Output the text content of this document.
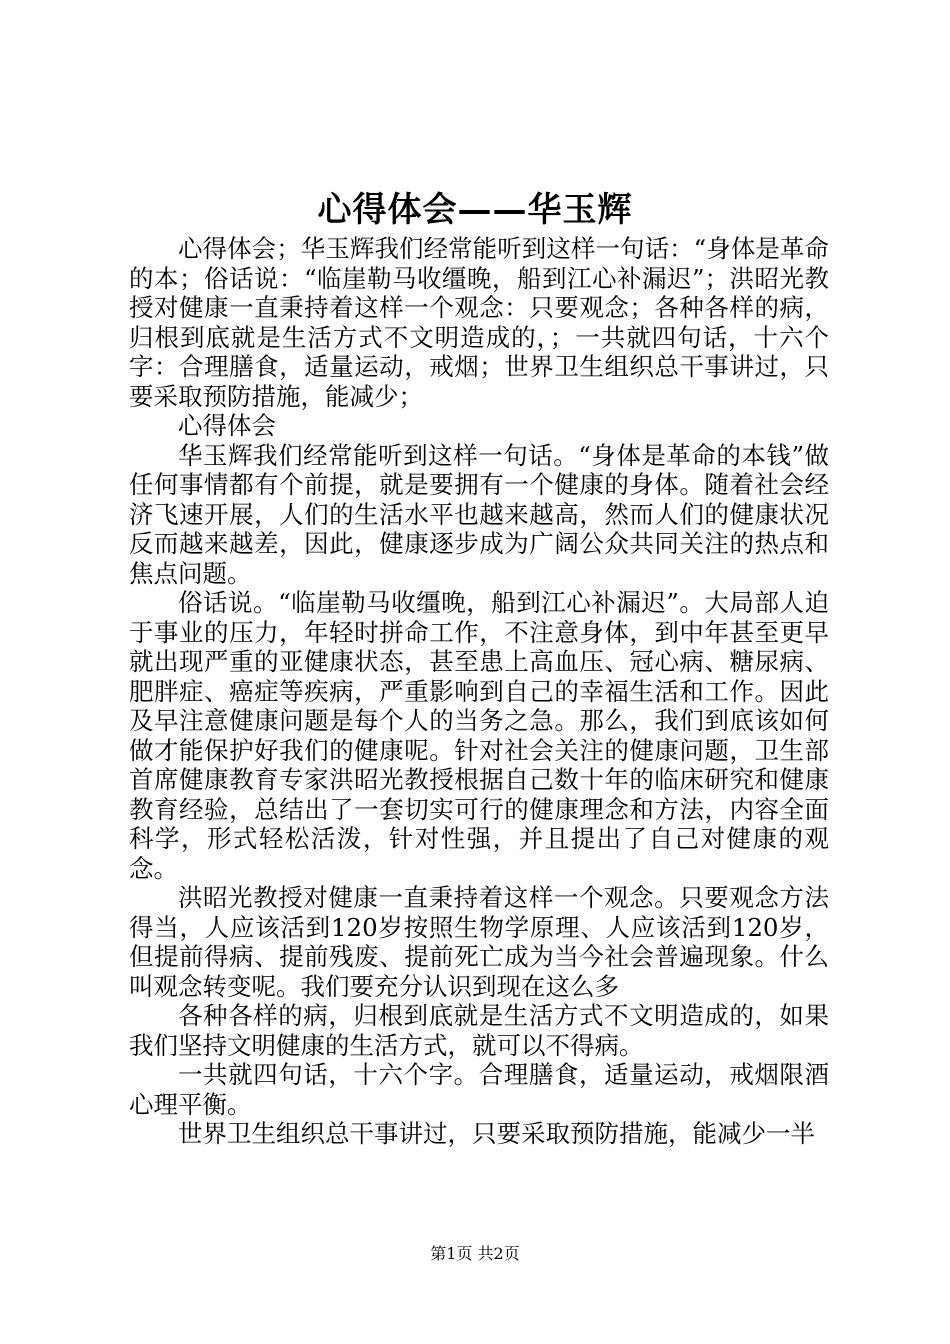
心得体会——华玉辉

心得体会；华玉辉我们经常能听到这样一句话：“身体是革命的本；俗话说：“临崖勒马收缰晚，船到江心补漏迟”；洪昭光教授对健康一直秉持着这样一个观念：只要观念；各种各样的病，归根到底就是生活方式不文明造成的，；一共就四句话，十六个字：合理膳食，适量运动，戒烟；世界卫生组织总干事讲过，只要采取预防措施，能减少；

心得体会

华玉辉我们经常能听到这样一句话。“身体是革命的本钱”做任何事情都有个前提，就是要拥有一个健康的身体。随着社会经济飞速开展，人们的生活水平也越来越高，然而人们的健康状况反而越来越差，因此，健康逐步成为广阔公众共同关注的热点和焦点问题。

俗话说。“临崖勒马收缰晚，船到江心补漏迟”。大局部人迫于事业的压力，年轻时拼命工作，不注意身体，到中年甚至更早就出现严重的亚健康状态，甚至患上高血压、冠心病、糖尿病、肥胖症、癌症等疾病，严重影响到自己的幸福生活和工作。因此及早注意健康问题是每个人的当务之急。那么，我们到底该如何做才能保护好我们的健康呢。针对社会关注的健康问题，卫生部首席健康教育专家洪昭光教授根据自己数十年的临床研究和健康教育经验，总结出了一套切实可行的健康理念和方法，内容全面科学，形式轻松活泼，针对性强，并且提出了自己对健康的观念。

洪昭光教授对健康一直秉持着这样一个观念。只要观念方法得当，人应该活到120岁按照生物学原理、人应该活到120岁，但提前得病、提前残废、提前死亡成为当今社会普遍现象。什么叫观念转变呢。我们要充分认识到现在这么多

各种各样的病，归根到底就是生活方式不文明造成的，如果我们坚持文明健康的生活方式，就可以不得病。

一共就四句话，十六个字。合理膳食，适量运动，戒烟限酒心理平衡。

世界卫生组织总干事讲过，只要采取预防措施，能减少一半

第1页 共2页
